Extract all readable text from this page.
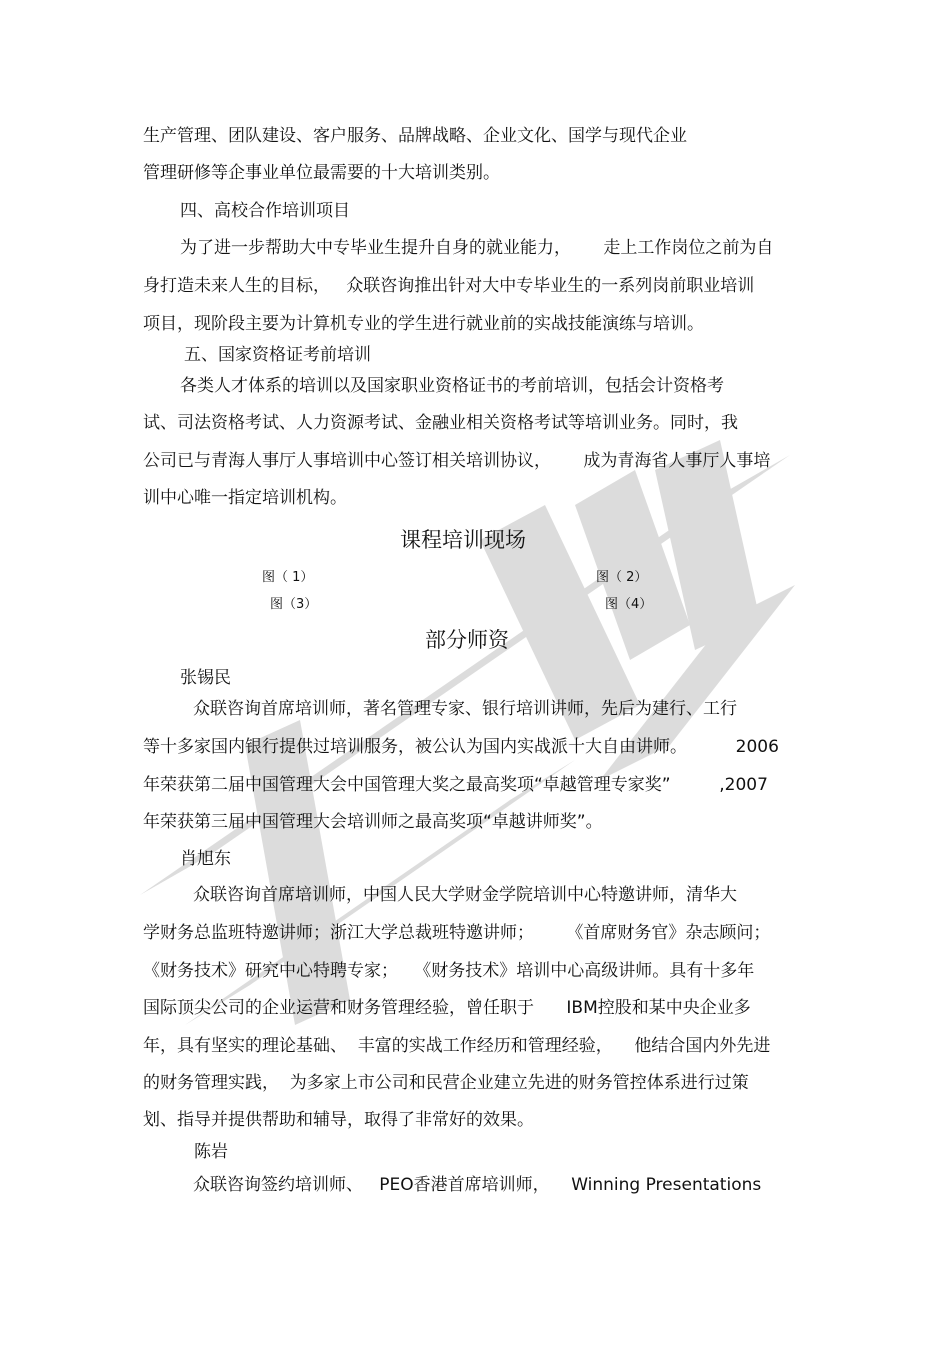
生产管理、团队建设、客户服务、品牌战略、企业文化、国学与现代企业
管理研修等企事业单位最需要的十大培训类别。
四、高校合作培训项目
为了进一步帮助大中专毕业生提升自身的就业能力，      走上工作岗位之前为自
身打造未来人生的目标，   众联咨询推出针对大中专毕业生的一系列岗前职业培训
项目，现阶段主要为计算机专业的学生进行就业前的实战技能演练与培训。
五、国家资格证考前培训
各类人才体系的培训以及国家职业资格证书的考前培训，包括会计资格考
试、司法资格考试、人力资源考试、金融业相关资格考试等培训业务。同时，我
公司已与青海人事厅人事培训中心签订相关培训协议，      成为青海省人事厅人事培
训中心唯一指定培训机构。
课程培训现场
图（ 1）	图（ 2）
图（3）	图（4）
部分师资
张锡民
众联咨询首席培训师，著名管理专家、银行培训讲师，先后为建行、工行
等十多家国内银行提供过培训服务，被公认为国内实战派十大自由讲师。         2006
年荣获第二届中国管理大会中国管理大奖之最高奖项“卓越管理专家奖”         ,2007
年荣获第三届中国管理大会培训师之最高奖项“卓越讲师奖”。
肖旭东
众联咨询首席培训师，中国人民大学财金学院培训中心特邀讲师，清华大
学财务总监班特邀讲师；浙江大学总裁班特邀讲师；      《首席财务官》杂志顾问；
《财务技术》研究中心特聘专家；   《财务技术》培训中心高级讲师。具有十多年
国际顶尖公司的企业运营和财务管理经验，曾任职于      IBM控股和某中央企业多
年，具有坚实的理论基础、  丰富的实战工作经历和管理经验，    他结合国内外先进
的财务管理实践，  为多家上市公司和民营企业建立先进的财务管控体系进行过策
划、指导并提供帮助和辅导，取得了非常好的效果。
陈岩
众联咨询签约培训师、   PEO香港首席培训师，    Winning Presentations
